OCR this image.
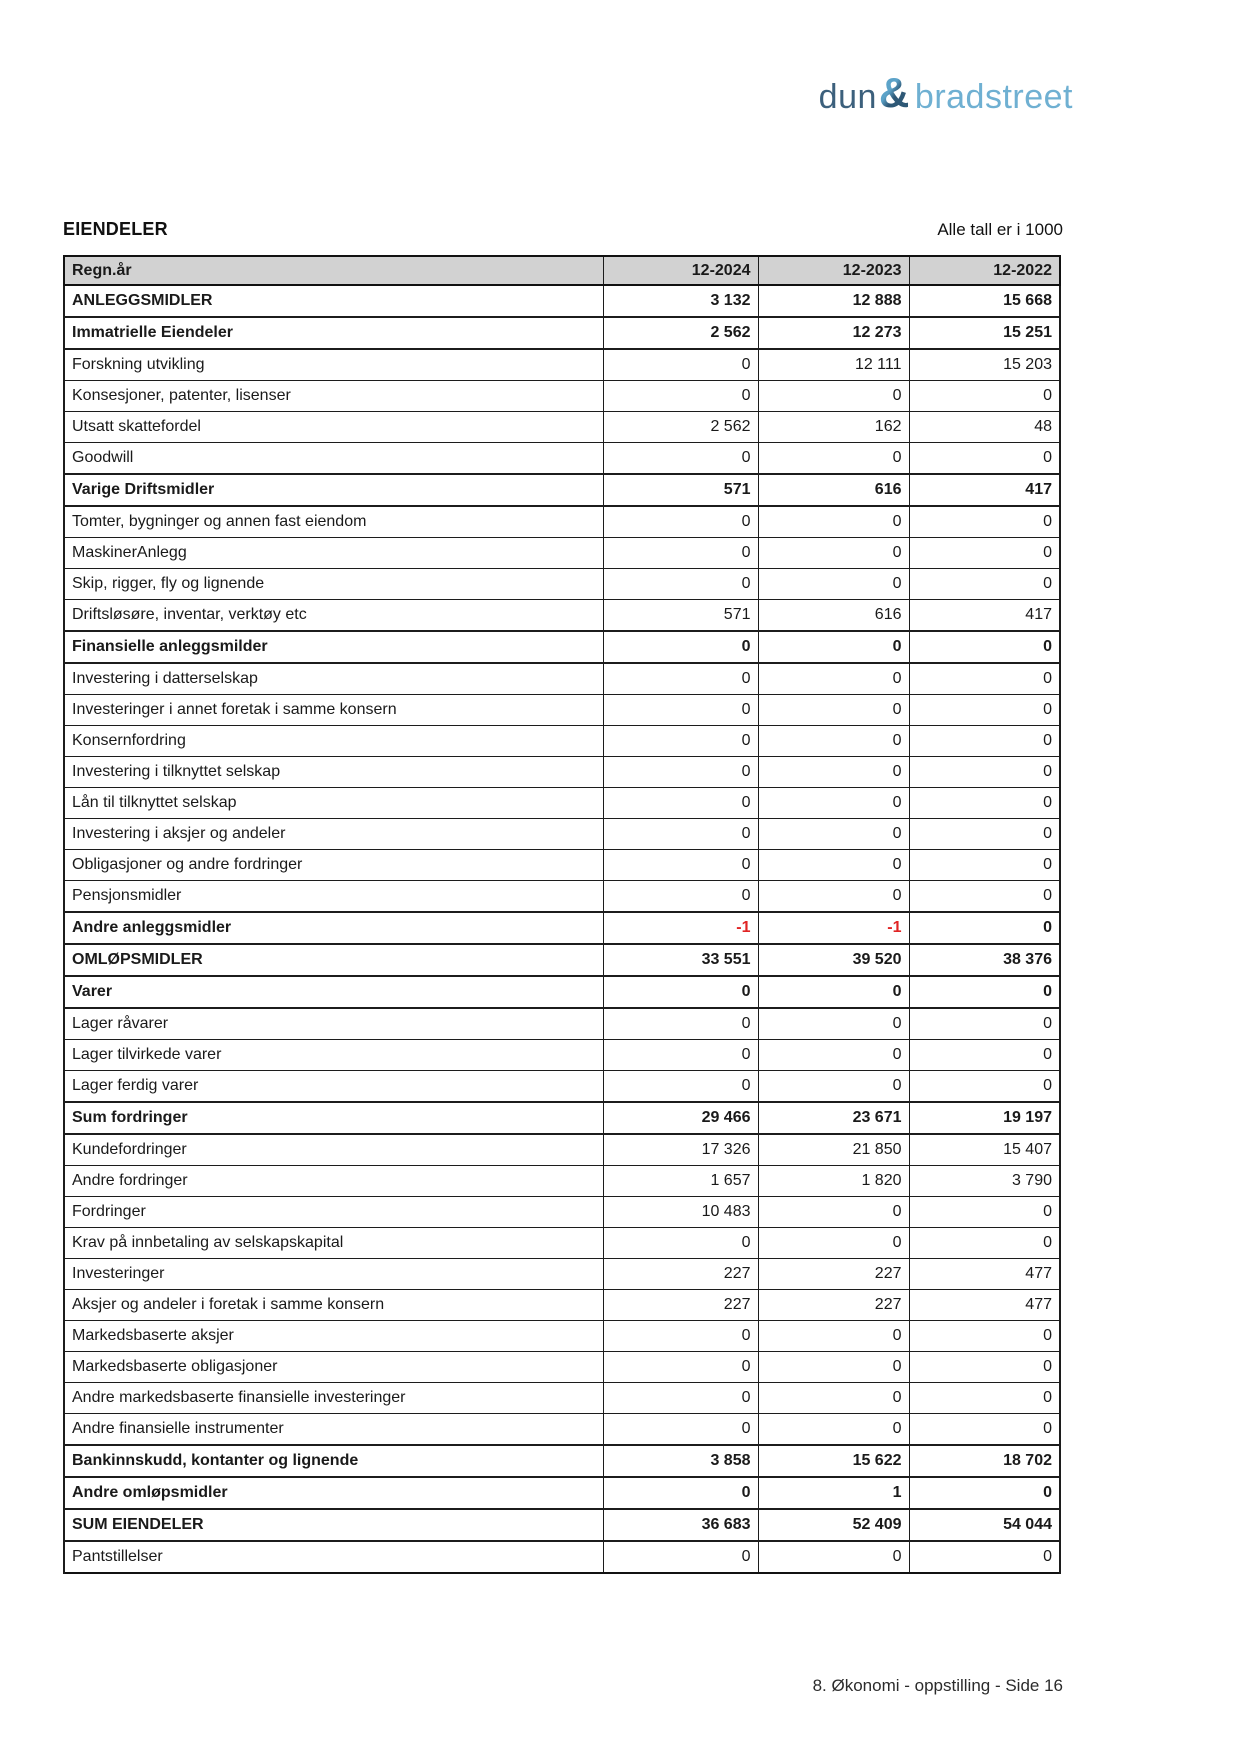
dun & bradstreet
EIENDELER	Alle tall er i 1000
Regn.år	12-2024	12-2023	12-2022
ANLEGGSMIDLER	3 132	12 888	15 668
Immatrielle Eiendeler	2 562	12 273	15 251
Forskning utvikling	0	12 111	15 203
Konsesjoner, patenter, lisenser	0	0	0
Utsatt skattefordel	2 562	162	48
Goodwill	0	0	0
Varige Driftsmidler	571	616	417
Tomter, bygninger og annen fast eiendom	0	0	0
MaskinerAnlegg	0	0	0
Skip, rigger, fly og lignende	0	0	0
Driftsløsøre, inventar, verktøy etc	571	616	417
Finansielle anleggsmilder	0	0	0
Investering i datterselskap	0	0	0
Investeringer i annet foretak i samme konsern	0	0	0
Konsernfordring	0	0	0
Investering i tilknyttet selskap	0	0	0
Lån til tilknyttet selskap	0	0	0
Investering i aksjer og andeler	0	0	0
Obligasjoner og andre fordringer	0	0	0
Pensjonsmidler	0	0	0
Andre anleggsmidler	-1	-1	0
OMLØPSMIDLER	33 551	39 520	38 376
Varer	0	0	0
Lager råvarer	0	0	0
Lager tilvirkede varer	0	0	0
Lager ferdig varer	0	0	0
Sum fordringer	29 466	23 671	19 197
Kundefordringer	17 326	21 850	15 407
Andre fordringer	1 657	1 820	3 790
Fordringer	10 483	0	0
Krav på innbetaling av selskapskapital	0	0	0
Investeringer	227	227	477
Aksjer og andeler i foretak i samme konsern	227	227	477
Markedsbaserte aksjer	0	0	0
Markedsbaserte obligasjoner	0	0	0
Andre markedsbaserte finansielle investeringer	0	0	0
Andre finansielle instrumenter	0	0	0
Bankinnskudd, kontanter og lignende	3 858	15 622	18 702
Andre omløpsmidler	0	1	0
SUM EIENDELER	36 683	52 409	54 044
Pantstillelser	0	0	0
8. Økonomi - oppstilling - Side 16
